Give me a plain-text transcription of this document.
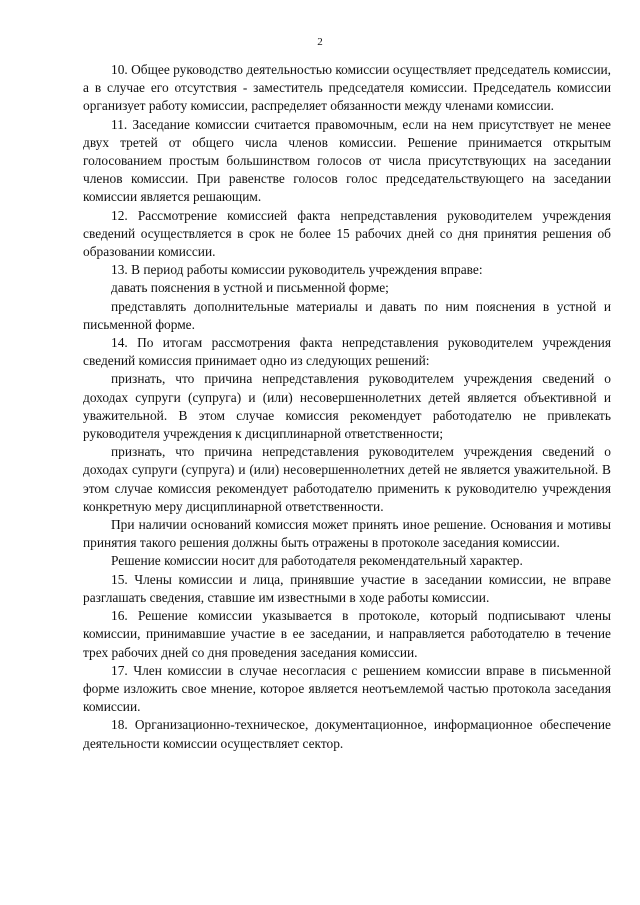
2

10. Общее руководство деятельностью комиссии осуществляет председатель комиссии, а в случае его отсутствия - заместитель председателя комиссии. Председатель комиссии организует работу комиссии, распределяет обязанности между членами комиссии.

11. Заседание комиссии считается правомочным, если на нем присутствует не менее двух третей от общего числа членов комиссии. Решение принимается открытым голосованием простым большинством голосов от числа присутствующих на заседании членов комиссии. При равенстве голосов голос председательствующего на заседании комиссии является решающим.

12. Рассмотрение комиссией факта непредставления руководителем учреждения сведений осуществляется в срок не более 15 рабочих дней со дня принятия решения об образовании комиссии.

13. В период работы комиссии руководитель учреждения вправе:

давать пояснения в устной и письменной форме;

представлять дополнительные материалы и давать по ним пояснения в устной и письменной форме.

14. По итогам рассмотрения факта непредставления руководителем учреждения сведений комиссия принимает одно из следующих решений:

признать, что причина непредставления руководителем учреждения сведений о доходах супруги (супруга) и (или) несовершеннолетних детей является объективной и уважительной. В этом случае комиссия рекомендует работодателю не привлекать руководителя учреждения к дисциплинарной ответственности;

признать, что причина непредставления руководителем учреждения сведений о доходах супруги (супруга) и (или) несовершеннолетних детей не является уважительной. В этом случае комиссия рекомендует работодателю применить к руководителю учреждения конкретную меру дисциплинарной ответственности.

При наличии оснований комиссия может принять иное решение. Основания и мотивы принятия такого решения должны быть отражены в протоколе заседания комиссии.

Решение комиссии носит для работодателя рекомендательный характер.

15. Члены комиссии и лица, принявшие участие в заседании комиссии, не вправе разглашать сведения, ставшие им известными в ходе работы комиссии.

16. Решение комиссии указывается в протоколе, который подписывают члены комиссии, принимавшие участие в ее заседании, и направляется работодателю в течение трех рабочих дней со дня проведения заседания комиссии.

17. Член комиссии в случае несогласия с решением комиссии вправе в письменной форме изложить свое мнение, которое является неотъемлемой частью протокола заседания комиссии.

18. Организационно-техническое, документационное, информационное обеспечение деятельности комиссии осуществляет сектор.
